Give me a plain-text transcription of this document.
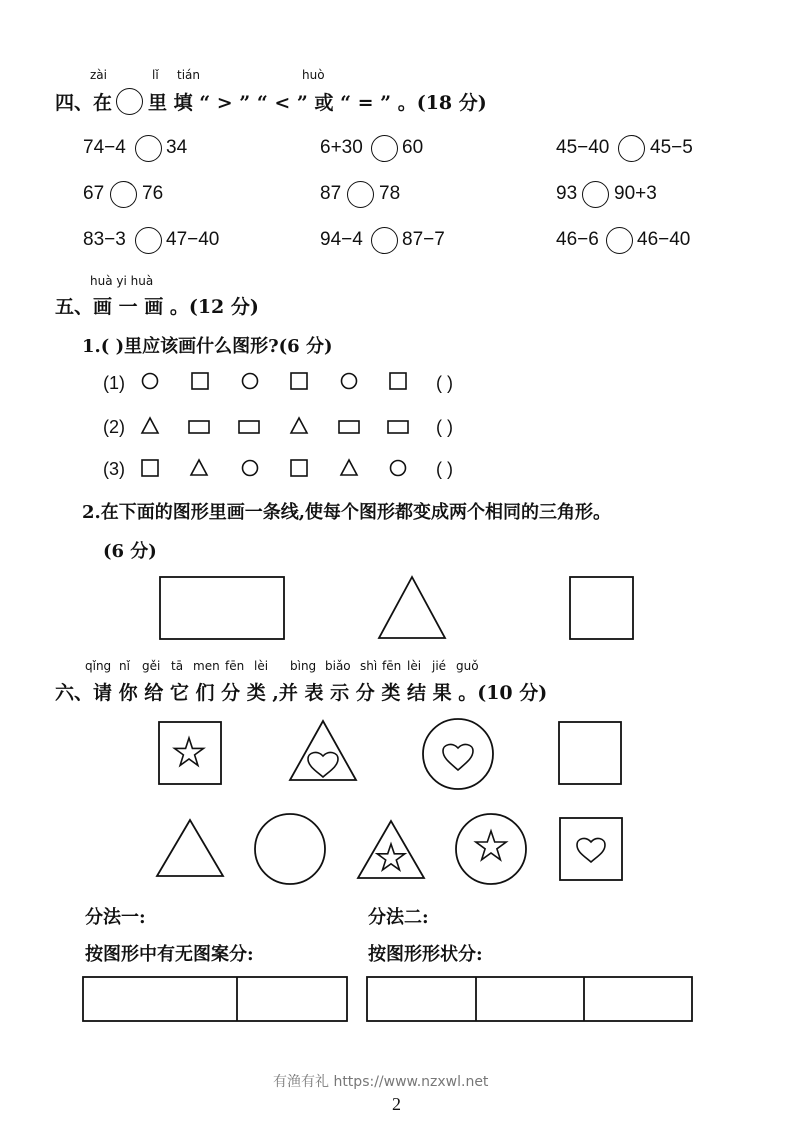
zài	lǐ tián	huò
四、在 里 填 “ > ” “ < ” 或 “ = ” 。(18 分)
74−4 34	6+30 60	45−40 45−5
67 76	87 78	93 90+3
83−3 47−40	94−4 87−7	46−6 46−40
huà yi huà
五、画 一 画 。(12 分)
1.( )里应该画什么图形?(6 分)
(1)
(2)
(3)
( )
( )
( )
2.在下面的图形里画一条线,使每个图形都变成两个相同的三角形。
(6 分)
qǐng nǐ gěi tā men fēn lèi bìng biǎo shì fēn lèi jié guǒ
六、请 你 给 它 们 分 类 ,并 表 示 分 类 结 果 。(10 分)
分法一:
按图形中有无图案分:
分法二:
按图形形状分:
有渔有礼 https://www.nzxwl.net
2
